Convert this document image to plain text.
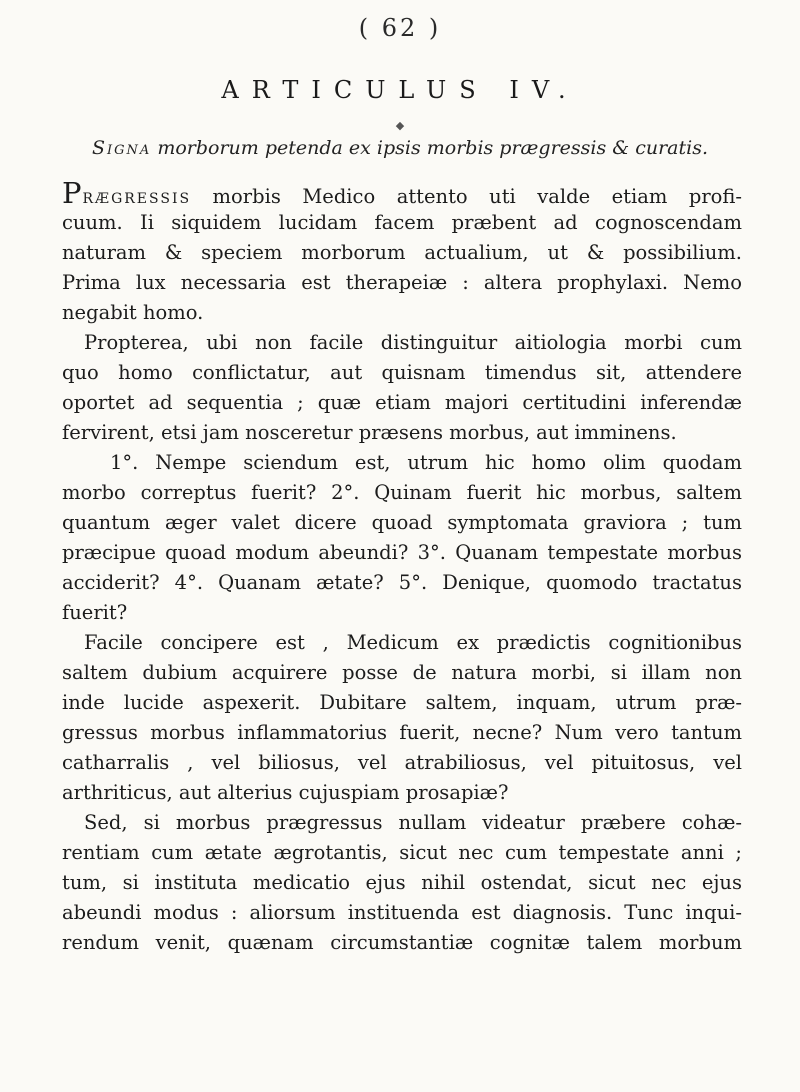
( 62 )
ARTICULUS IV.
◆
Signa morborum petenda ex ipsis morbis prægressis & curatis.
Prægressis morbis Medico attento uti valde etiam profi-
cuum. Ii siquidem lucidam facem præbent ad cognoscendam
naturam & speciem morborum actualium, ut & possibilium.
Prima lux necessaria est therapeiæ : altera prophylaxi. Nemo
negabit homo.
Propterea, ubi non facile distinguitur aitiologia morbi cum
quo homo conflictatur, aut quisnam timendus sit, attendere
oportet ad sequentia ; quæ etiam majori certitudini inferendæ
fervirent, etsi jam noscеretur præsens morbus, aut imminens.
1°. Nempe sciendum est, utrum hic homo olim quodam
morbo correptus fuerit? 2°. Quinam fuerit hic morbus, saltem
quantum æger valet dicere quoad symptomata graviora ; tum
præcipue quoad modum abeundi? 3°. Quanam tempestate morbus
acciderit? 4°. Quanam ætate? 5°. Denique, quomodo tractatus
fuerit?
Facile concipere est , Medicum ex prædictis cognitionibus
saltem dubium acquirere posse de natura morbi, si illam non
inde lucide aspexerit. Dubitare saltem, inquam, utrum præ-
gressus morbus inflammatorius fuerit, necne? Num vero tantum
catharralis , vel biliosus, vel atrabiliosus, vel pituitosus, vel
arthriticus, aut alterius cujuspiam prosapiæ?
Sed, si morbus prægressus nullam videatur præbere cohæ-
rentiam cum ætate ægrotantis, sicut nec cum tempestate anni ;
tum, si instituta medicatio ejus nihil ostendat, sicut nec ejus
abeundi modus : aliorsum instituenda est diagnosis. Tunc inqui-
rendum venit, quænam circumstantiæ cognitæ talem morbum
